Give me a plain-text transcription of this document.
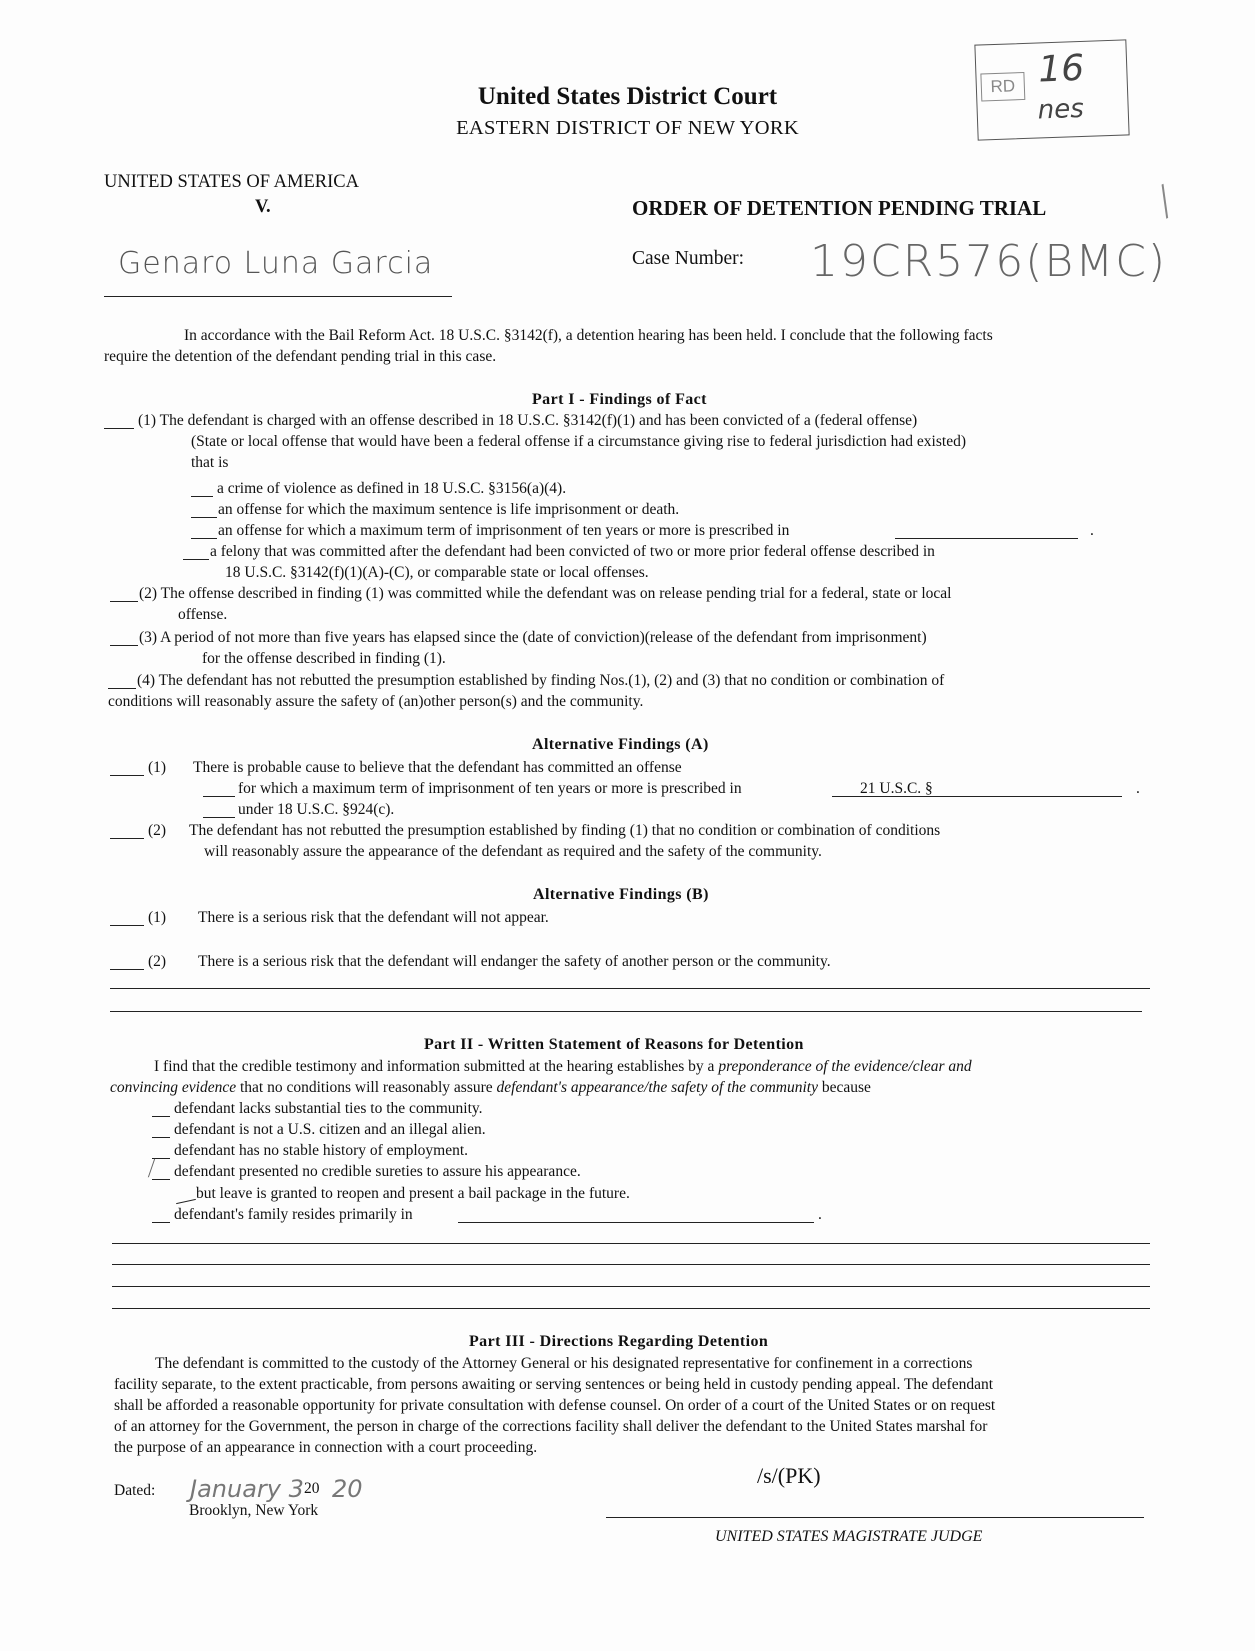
United States District Court
EASTERN DISTRICT OF NEW YORK
RD 16
nes
UNITED STATES OF AMERICA
V.	ORDER OF DETENTION PENDING TRIAL
Genaro Luna Garcia	Case Number: 19CR576(BMC)
/
In accordance with the Bail Reform Act. 18 U.S.C. §3142(f), a detention hearing has been held. I conclude that the following facts
require the detention of the defendant pending trial in this case.
Part I - Findings of Fact
(1) The defendant is charged with an offense described in 18 U.S.C. §3142(f)(1) and has been convicted of a (federal offense)
(State or local offense that would have been a federal offense if a circumstance giving rise to federal jurisdiction had existed)
that is
a crime of violence as defined in 18 U.S.C. §3156(a)(4).
an offense for which the maximum sentence is life imprisonment or death.
an offense for which a maximum term of imprisonment of ten years or more is prescribed in	.
a felony that was committed after the defendant had been convicted of two or more prior federal offense described in
18 U.S.C. §3142(f)(1)(A)-(C), or comparable state or local offenses.
(2) The offense described in finding (1) was committed while the defendant was on release pending trial for a federal, state or local
offense.
(3) A period of not more than five years has elapsed since the (date of conviction)(release of the defendant from imprisonment)
for the offense described in finding (1).
(4) The defendant has not rebutted the presumption established by finding Nos.(1), (2) and (3) that no condition or combination of
conditions will reasonably assure the safety of (an)other person(s) and the community.
Alternative Findings (A)
(1) There is probable cause to believe that the defendant has committed an offense
for which a maximum term of imprisonment of ten years or more is prescribed in	21 U.S.C. §	.
under 18 U.S.C. §924(c).
(2) The defendant has not rebutted the presumption established by finding (1) that no condition or combination of conditions
will reasonably assure the appearance of the defendant as required and the safety of the community.
Alternative Findings (B)
(1) There is a serious risk that the defendant will not appear.
(2) There is a serious risk that the defendant will endanger the safety of another person or the community.
Part II - Written Statement of Reasons for Detention
I find that the credible testimony and information submitted at the hearing establishes by a preponderance of the evidence/clear and
convincing evidence that no conditions will reasonably assure defendant's appearance/the safety of the community because
defendant lacks substantial ties to the community.
defendant is not a U.S. citizen and an illegal alien.
defendant has no stable history of employment.
⁄ defendant presented no credible sureties to assure his appearance.
but leave is granted to reopen and present a bail package in the future.
defendant's family resides primarily in	.
Part III - Directions Regarding Detention
The defendant is committed to the custody of the Attorney General or his designated representative for confinement in a corrections
facility separate, to the extent practicable, from persons awaiting or serving sentences or being held in custody pending appeal. The defendant
shall be afforded a reasonable opportunity for private consultation with defense counsel. On order of a court of the United States or on request
of an attorney for the Government, the person in charge of the corrections facility shall deliver the defendant to the United States marshal for
the purpose of an appearance in connection with a court proceeding.
Dated: January 3 20 20
Brooklyn, New York
/s/(PK)
UNITED STATES MAGISTRATE JUDGE
